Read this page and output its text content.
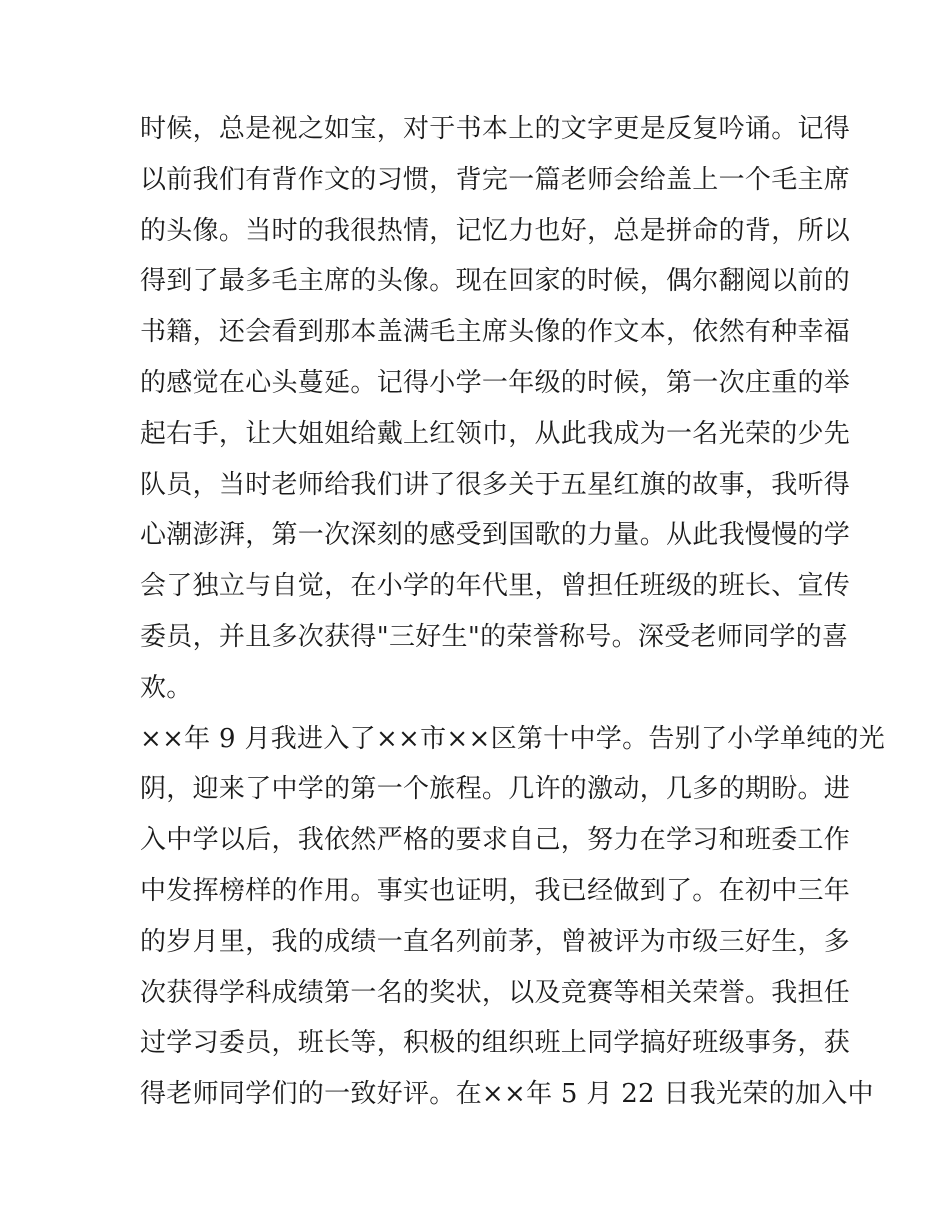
时候，总是视之如宝，对于书本上的文字更是反复吟诵。记得
以前我们有背作文的习惯，背完一篇老师会给盖上一个毛主席
的头像。当时的我很热情，记忆力也好，总是拼命的背，所以
得到了最多毛主席的头像。现在回家的时候，偶尔翻阅以前的
书籍，还会看到那本盖满毛主席头像的作文本，依然有种幸福
的感觉在心头蔓延。记得小学一年级的时候，第一次庄重的举
起右手，让大姐姐给戴上红领巾，从此我成为一名光荣的少先
队员，当时老师给我们讲了很多关于五星红旗的故事，我听得
心潮澎湃，第一次深刻的感受到国歌的力量。从此我慢慢的学
会了独立与自觉，在小学的年代里，曾担任班级的班长、宣传
委员，并且多次获得"三好生"的荣誉称号。深受老师同学的喜
欢。
××年 9 月我进入了××市××区第十中学。告别了小学单纯的光
阴，迎来了中学的第一个旅程。几许的激动，几多的期盼。进
入中学以后，我依然严格的要求自己，努力在学习和班委工作
中发挥榜样的作用。事实也证明，我已经做到了。在初中三年
的岁月里，我的成绩一直名列前茅，曾被评为市级三好生，多
次获得学科成绩第一名的奖状，以及竞赛等相关荣誉。我担任
过学习委员，班长等，积极的组织班上同学搞好班级事务，获
得老师同学们的一致好评。在××年 5 月 22 日我光荣的加入中
